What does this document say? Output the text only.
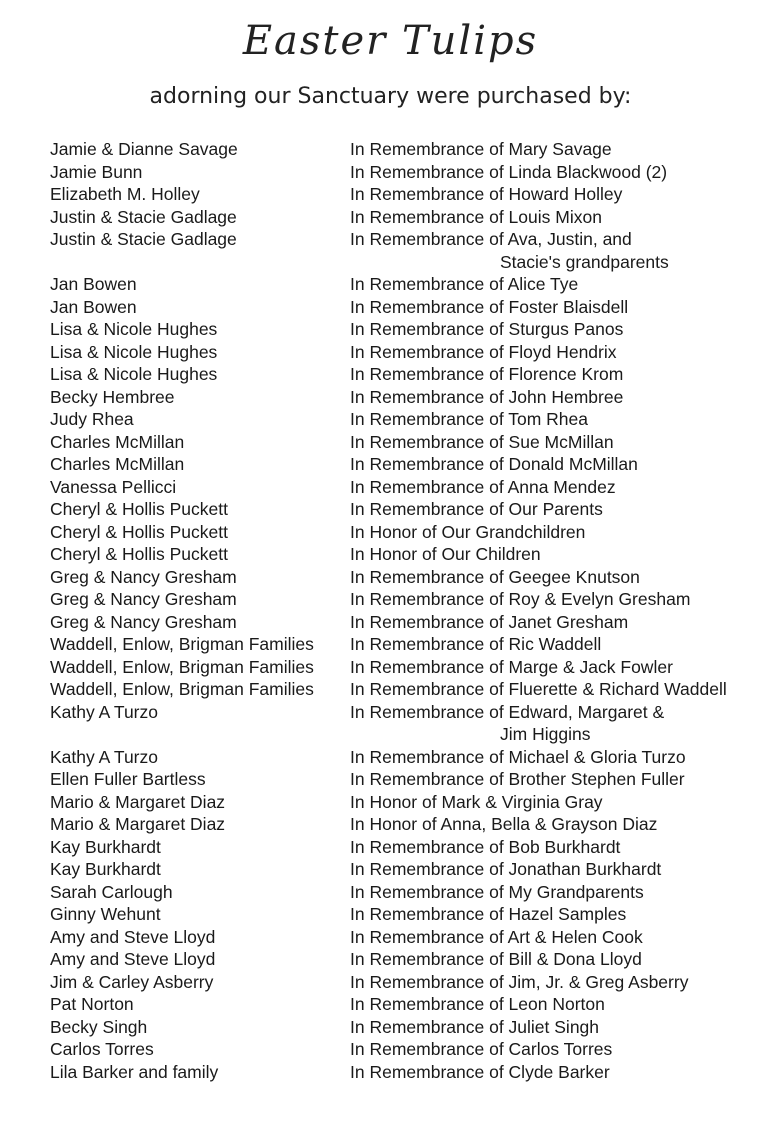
Easter Tulips
adorning our Sanctuary were purchased by:
Jamie & Dianne Savage	In Remembrance of Mary Savage
Jamie Bunn	In Remembrance of Linda Blackwood (2)
Elizabeth M. Holley	In Remembrance of Howard Holley
Justin & Stacie Gadlage	In Remembrance of Louis Mixon
Justin & Stacie Gadlage	In Remembrance of Ava, Justin, and
Stacie's grandparents
Jan Bowen	In Remembrance of Alice Tye
Jan Bowen	In Remembrance of Foster Blaisdell
Lisa & Nicole Hughes	In Remembrance of Sturgus Panos
Lisa & Nicole Hughes	In Remembrance of Floyd Hendrix
Lisa & Nicole Hughes	In Remembrance of Florence Krom
Becky Hembree	In Remembrance of John Hembree
Judy Rhea	In Remembrance of Tom Rhea
Charles McMillan	In Remembrance of Sue McMillan
Charles McMillan	In Remembrance of Donald McMillan
Vanessa Pellicci	In Remembrance of Anna Mendez
Cheryl & Hollis Puckett	In Remembrance of Our Parents
Cheryl & Hollis Puckett	In Honor of Our Grandchildren
Cheryl & Hollis Puckett	In Honor of Our Children
Greg & Nancy Gresham	In Remembrance of Geegee Knutson
Greg & Nancy Gresham	In Remembrance of Roy & Evelyn Gresham
Greg & Nancy Gresham	In Remembrance of Janet Gresham
Waddell, Enlow, Brigman Families In Remembrance of Ric Waddell
Waddell, Enlow, Brigman Families In Remembrance of Marge & Jack Fowler
Waddell, Enlow, Brigman Families In Remembrance of Fluerette & Richard Waddell
Kathy A Turzo	In Remembrance of Edward, Margaret &
Jim Higgins
Kathy A Turzo	In Remembrance of Michael & Gloria Turzo
Ellen Fuller Bartless	In Remembrance of Brother Stephen Fuller
Mario & Margaret Diaz	In Honor of Mark & Virginia Gray
Mario & Margaret Diaz	In Honor of Anna, Bella & Grayson Diaz
Kay Burkhardt	In Remembrance of Bob Burkhardt
Kay Burkhardt	In Remembrance of Jonathan Burkhardt
Sarah Carlough	In Remembrance of My Grandparents
Ginny Wehunt	In Remembrance of Hazel Samples
Amy and Steve Lloyd	In Remembrance of Art & Helen Cook
Amy and Steve Lloyd	In Remembrance of Bill & Dona Lloyd
Jim & Carley Asberry	In Remembrance of Jim, Jr. & Greg Asberry
Pat Norton	In Remembrance of Leon Norton
Becky Singh	In Remembrance of Juliet Singh
Carlos Torres	In Remembrance of Carlos Torres
Lila Barker and family	In Remembrance of Clyde Barker
